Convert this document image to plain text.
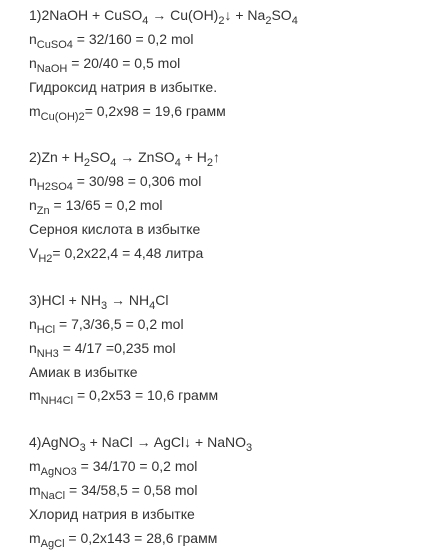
1)2NaOH + CuSO$_4$ → $Cu(OH)_2↓ + Na_2SO_4$
$n_{CuSO4} = 32/160 = 0,2$ mol
$n_{NaOH} = 20/40 = 0,5$ mol
Гидроксид натрия в избытке.
$m_{Cu(OH)2}= 0,2x98 = 19,6$ грамм
$2)Zn + H_2SO_4$ → ZnSO$_4$ + $H_2↑$
$n_{H2SO4} = 30/98 = 0,306$ mol
$n_{Zn} = 13/65 = 0,2$ mol
Серноя кислота в избытке
$V_{H2}= 0,2x22,4 = 4,48$ литра
$3)HCl + NH_3 \to NH_4Cl$
$n_{HCl} = 7,3/36,5 = 0,2$ mol
$n_{NH3} = 4/17 =0,235$ mol
Амиак в избытке
$m_{NH4Cl} = 0,2x53 = 10,6$ грамм
4)AgNO$_3$ + NaCl → AgCl↓ + NaNO$_3$
$m_{AgNO3} = 34/170 = 0,2$ mol
$m_{NaCl} = 34/58,5 = 0,58$ mol
Хлорид натрия в избытке
$m_{AgCl} = 0,2x143 = 28,6$ грамм
